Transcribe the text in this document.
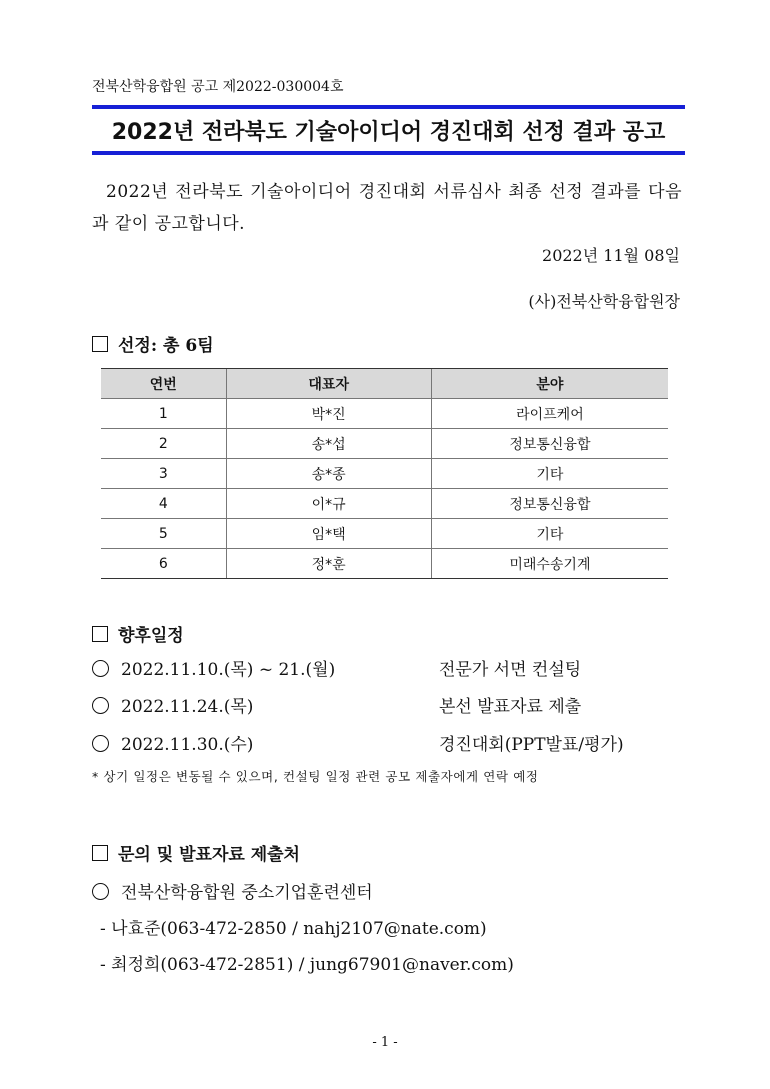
전북산학융합원 공고 제2022-030004호
2022년 전라북도 기술아이디어 경진대회 선정 결과 공고
2022년 전라북도 기술아이디어 경진대회 서류심사 최종 선정 결과를 다음과 같이 공고합니다.
2022년 11월 08일
(사)전북산학융합원장
선정: 총 6팀
연번	대표자	분야
1	박*진	라이프케어
2	송*섭	정보통신융합
3	송*종	기타
4	이*규	정보통신융합
5	임*택	기타
6	정*훈	미래수송기계
향후일정
2022.11.10.(목) ~ 21.(월)	전문가 서면 컨설팅
2022.11.24.(목)	본선 발표자료 제출
2022.11.30.(수)	경진대회(PPT발표/평가)
* 상기 일정은 변동될 수 있으며, 컨설팅 일정 관련 공모 제출자에게 연락 예정
문의 및 발표자료 제출처
전북산학융합원 중소기업훈련센터
- 나효준(063-472-2850 / nahj2107@nate.com)
- 최정희(063-472-2851) / jung67901@naver.com)
- 1 -
